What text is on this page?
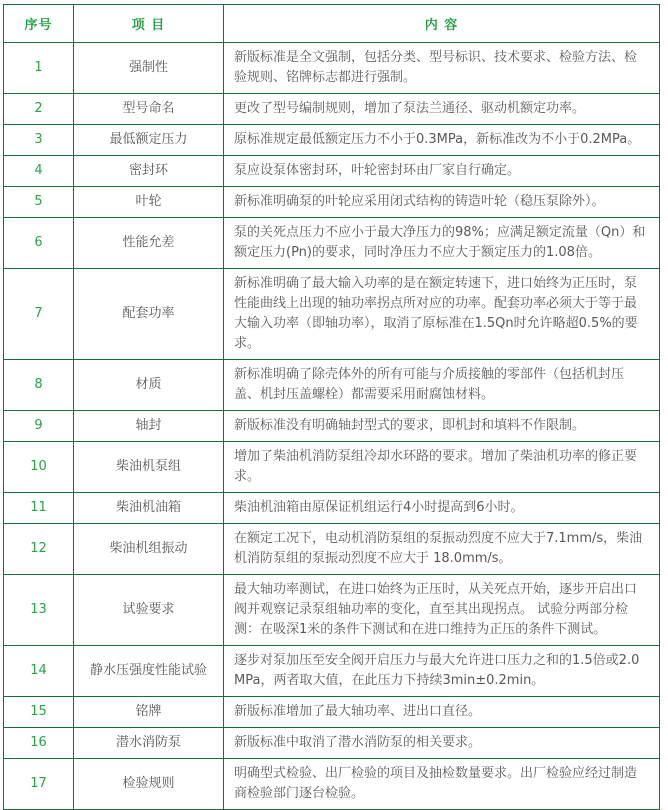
序号	项 目	内 容
1	强制性	新版标准是全文强制，包括分类、型号标识、技术要求、检验方法、检验规则、铭牌标志都进行强制。
2	型号命名	更改了型号编制规则，增加了泵法兰通径、驱动机额定功率。
3	最低额定压力	原标准规定最低额定压力不小于0.3MPa，新标准改为不小于0.2MPa。
4	密封环	泵应设泵体密封环，叶轮密封环由厂家自行确定。
5	叶轮	新标准明确泵的叶轮应采用闭式结构的铸造叶轮（稳压泵除外）。
6	性能允差	泵的关死点压力不应小于最大净压力的98%；应满足额定流量（Qn）和额定压力(Pn)的要求，同时净压力不应大于额定压力的1.08倍。
7	配套功率	新标准明确了最大输入功率的是在额定转速下，进口始终为正压时，泵性能曲线上出现的轴功率拐点所对应的功率。配套功率必须大于等于最大输入功率（即轴功率），取消了原标准在1.5Qn时允许略超0.5%的要求。
8	材质	新标准明确了除壳体外的所有可能与介质接触的零部件（包括机封压盖、机封压盖螺栓）都需要采用耐腐蚀材料。
9	轴封	新版标准没有明确轴封型式的要求，即机封和填料不作限制。
10	柴油机泵组	增加了柴油机消防泵组冷却水环路的要求。增加了柴油机功率的修正要求。
11	柴油机油箱	柴油机油箱由原保证机组运行4小时提高到6小时。
12	柴油机组振动	在额定工况下，电动机消防泵组的泵振动烈度不应大于7.1mm/s，柴油机消防泵组的泵振动烈度不应大于 18.0mm/s。
13	试验要求	最大轴功率测试，在进口始终为正压时，从关死点开始，逐步开启出口阀并观察记录泵组轴功率的变化，直至其出现拐点。 试验分两部分检测：在吸深1米的条件下测试和在进口维持为正压的条件下测试。
14	静水压强度性能试验	逐步对泵加压至安全阀开启压力与最大允许进口压力之和的1.5倍或2.0MPa，两者取大值，在此压力下持续3min±0.2min。
15	铭牌	新版标准增加了最大轴功率、进出口直径。
16	潜水消防泵	新版标准中取消了潜水消防泵的相关要求。
17	检验规则	明确型式检验、出厂检验的项目及抽检数量要求。出厂检验应经过制造商检验部门逐台检验。
